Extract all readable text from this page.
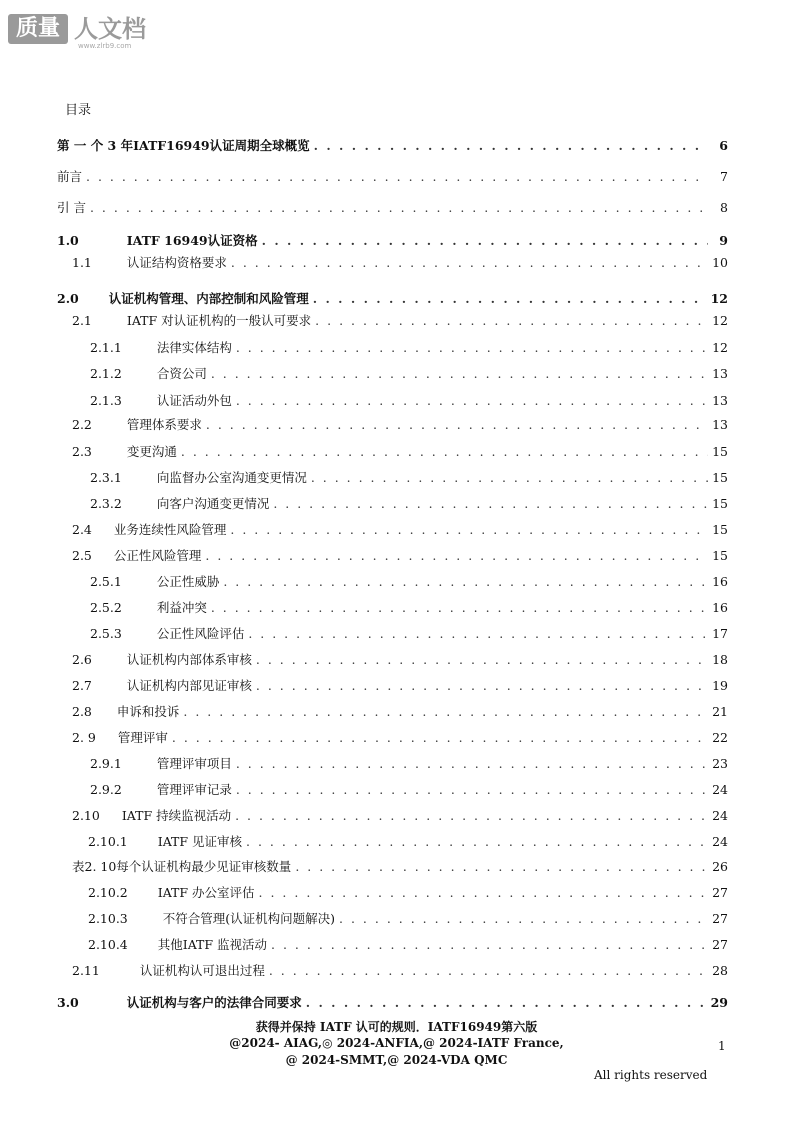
质量 人文档
www.zlrb9.com
目录
第 一 个 3 年IATF16949认证周期全球概览 . . .	6
前言 . . .	7
引 言 . . .	8
1.0	IATF 16949认证资格 . . .	9
1.1	认证结构资格要求 . . .	10
2.0 认证机构管理、内部控制和风险管理 . . .	12
2.1	IATF 对认证机构的一般认可要求 . . .	12
2.1.1	法律实体结构 . . .	12
2.1.2	合资公司 . . .	13
2.1.3	认证活动外包 . . .	13
2.2	管理体系要求 . . .	13
2.3	变更沟通 . . .	15
2.3.1	向监督办公室沟通变更情况 . . .	15
2.3.2	向客户沟通变更情况 . . .	15
2.4 业务连续性风险管理 . . .	15
2.5 公正性风险管理 . . .	15
2.5.1	公正性威胁 . . .	16
2.5.2	利益冲突 . . .	16
2.5.3	公正性风险评估 . . .	17
2.6	认证机构内部体系审核 . . .	18
2.7	认证机构内部见证审核 . . .	19
2.8 申诉和投诉 . . .	21
2. 9 管理评审 . . .	22
2.9.1	管理评审项目 . . .	23
2.9.2	管理评审记录 . . .	24
2.10 IATF 持续监视活动 . . .	24
2.10.1 IATF 见证审核 . . .	24
表2. 10每个认证机构最少见证审核数量 . . .	26
2.10.2 IATF 办公室评估 . . .	27
2.10.3	不符合管理(认证机构问题解决) . . .	27
2.10.4 其他IATF 监视活动 . . .	27
2.11	认证机构认可退出过程 . . .	28
3.0	认证机构与客户的法律合同要求 . . .	29
获得并保持 IATF 认可的规则．IATF16949第六版
@2024- AIAG,◎ 2024-ANFIA,@ 2024-IATF France,
@ 2024-SMMT,@ 2024-VDA QMC
1
All rights reserved
